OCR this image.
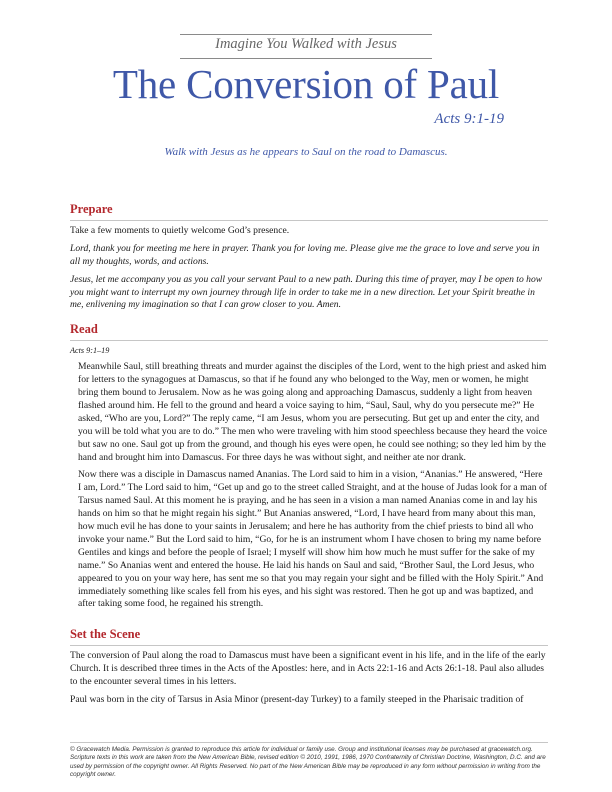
Imagine You Walked with Jesus
The Conversion of Paul
Acts 9:1-19
Walk with Jesus as he appears to Saul on the road to Damascus.
Prepare

Take a few moments to quietly welcome God’s presence.

Lord, thank you for meeting me here in prayer. Thank you for loving me. Please give me the grace to love and serve you in all my thoughts, words, and actions.

Jesus, let me accompany you as you call your servant Paul to a new path. During this time of prayer, may I be open to how you might want to interrupt my own journey through life in order to take me in a new direction. Let your Spirit breathe in me, enlivening my imagination so that I can grow closer to you. Amen.

Read

Acts 9:1–19

Meanwhile Saul, still breathing threats and murder against the disciples of the Lord, went to the high priest and asked him for letters to the synagogues at Damascus, so that if he found any who belonged to the Way, men or women, he might bring them bound to Jerusalem. Now as he was going along and approaching Damascus, suddenly a light from heaven flashed around him. He fell to the ground and heard a voice saying to him, “Saul, Saul, why do you persecute me?” He asked, “Who are you, Lord?” The reply came, “I am Jesus, whom you are persecuting. But get up and enter the city, and you will be told what you are to do.” The men who were traveling with him stood speechless because they heard the voice but saw no one. Saul got up from the ground, and though his eyes were open, he could see nothing; so they led him by the hand and brought him into Damascus. For three days he was without sight, and neither ate nor drank.

Now there was a disciple in Damascus named Ananias. The Lord said to him in a vision, “Ananias.” He answered, “Here I am, Lord.” The Lord said to him, “Get up and go to the street called Straight, and at the house of Judas look for a man of Tarsus named Saul. At this moment he is praying, and he has seen in a vision a man named Ananias come in and lay his hands on him so that he might regain his sight.” But Ananias answered, “Lord, I have heard from many about this man, how much evil he has done to your saints in Jerusalem; and here he has authority from the chief priests to bind all who invoke your name.” But the Lord said to him, “Go, for he is an instrument whom I have chosen to bring my name before Gentiles and kings and before the people of Israel; I myself will show him how much he must suffer for the sake of my name.” So Ananias went and entered the house. He laid his hands on Saul and said, “Brother Saul, the Lord Jesus, who appeared to you on your way here, has sent me so that you may regain your sight and be filled with the Holy Spirit.” And immediately something like scales fell from his eyes, and his sight was restored. Then he got up and was baptized, and after taking some food, he regained his strength.

Set the Scene

The conversion of Paul along the road to Damascus must have been a significant event in his life, and in the life of the early Church. It is described three times in the Acts of the Apostles: here, and in Acts 22:1-16 and Acts 26:1-18. Paul also alludes to the encounter several times in his letters.

Paul was born in the city of Tarsus in Asia Minor (present-day Turkey) to a family steeped in the Pharisaic tradition of

© Gracewatch Media. Permission is granted to reproduce this article for individual or family use. Group and institutional licenses may be purchased at gracewatch.org. Scripture texts in this work are taken from the New American Bible, revised edition © 2010, 1991, 1986, 1970 Confraternity of Christian Doctrine, Washington, D.C. and are used by permission of the copyright owner. All Rights Reserved. No part of the New American Bible may be reproduced in any form without permission in writing from the copyright owner.
